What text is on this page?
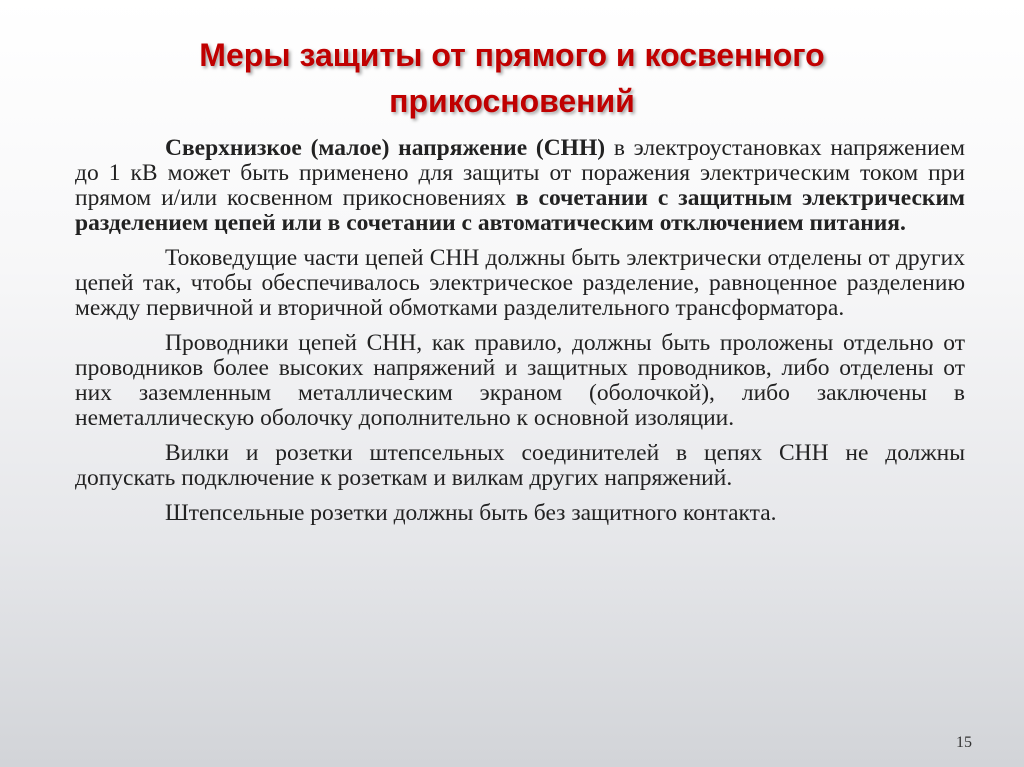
Меры защиты от прямого и косвенного
прикосновений

Сверхнизкое (малое) напряжение (СНН) в электроустановках напряжением до 1 кВ может быть применено для защиты от поражения электрическим током при прямом и/или косвенном прикосновениях в сочетании с защитным электрическим разделением цепей или в сочетании с автоматическим отключением питания.

Токоведущие части цепей СНН должны быть электрически отделены от других цепей так, чтобы обеспечивалось электрическое разделение, равноценное разделению между первичной и вторичной обмотками разделительного трансформатора.

Проводники цепей СНН, как правило, должны быть проложены отдельно от проводников более высоких напряжений и защитных проводников, либо отделены от них заземленным металлическим экраном (оболочкой), либо заключены в неметаллическую оболочку дополнительно к основной изоляции.

Вилки и розетки штепсельных соединителей в цепях СНН не должны допускать подключение к розеткам и вилкам других напряжений.

Штепсельные розетки должны быть без защитного контакта.

15
